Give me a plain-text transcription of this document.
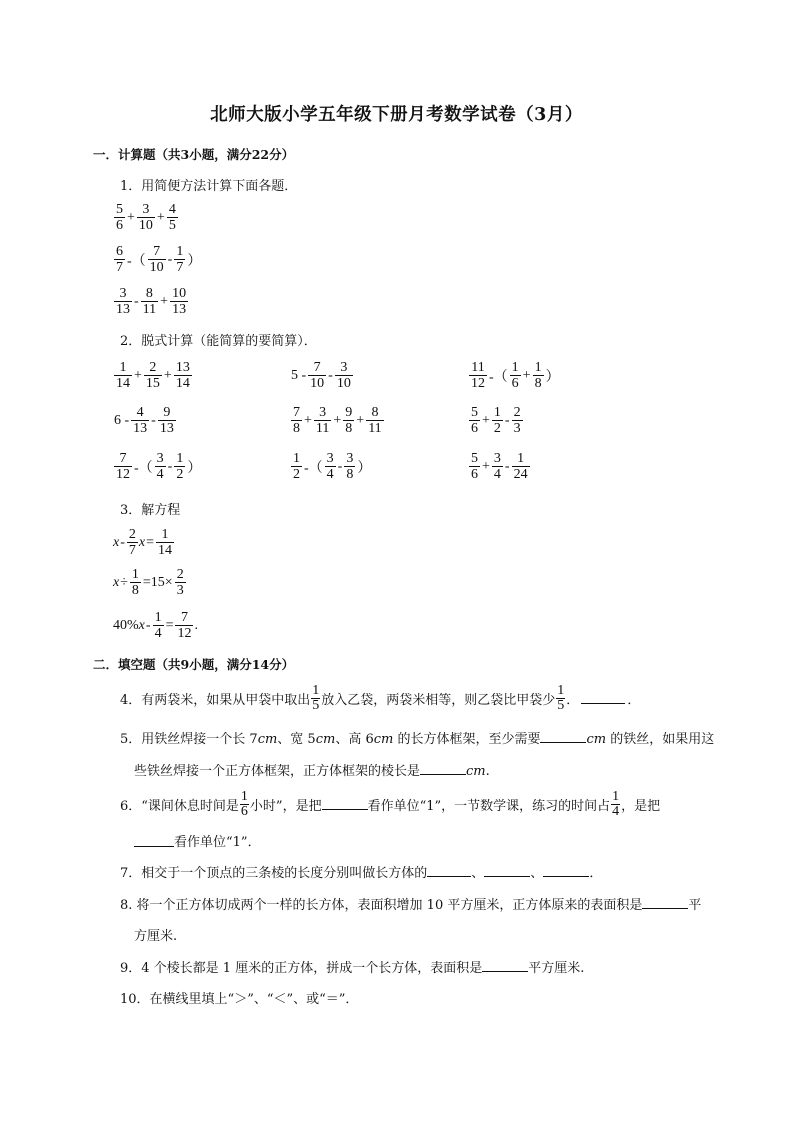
北师大版小学五年级下册月考数学试卷（3月）
一．计算题（共3小题，满分22分）
1．用简便方法计算下面各题．
$\frac{5}{6} + \frac{3}{10} + \frac{4}{5}$
$\frac{6}{7}$ -（ $\frac{7}{10} - \frac{1}{7}$ ）
$\frac{3}{13} - \frac{8}{11} + \frac{10}{13}$
2．脱式计算（能简算的要简算）．
$\frac{1}{14} + \frac{2}{15} + \frac{13}{14}$	$5 - \frac{7}{10} - \frac{3}{10}$	$\frac{11}{12}$ -（ $\frac{1}{6} + \frac{1}{8}$ ）
$6 - \frac{4}{13} - \frac{9}{13}$	$\frac{7}{8} + \frac{3}{11} + \frac{9}{8} + \frac{8}{11}$	$\frac{5}{6} + \frac{1}{2} - \frac{2}{3}$
$\frac{7}{12}$ -（ $\frac{3}{4} - \frac{1}{2}$ ）	$\frac{1}{2}$ -（ $\frac{3}{4} - \frac{3}{8}$ ）	$\frac{5}{6} + \frac{3}{4} - \frac{1}{24}$
3．解方程
x - $\frac{2}{7}$ $x = \frac{1}{14}$
$x \div \frac{1}{8} =15\times \frac{2}{3}$
40% $x - \frac{1}{4} = \frac{7}{12}$ .
二．填空题（共9小题，满分14分）
4．有两袋米，如果从甲袋中取出
1
5 放入乙袋，两袋米相等，则乙袋比甲袋少
1
5 ．	．
5．用铁丝焊接一个长 7cm、宽 5cm、高 6cm 的长方体框架，至少需要	cm 的铁丝，如果用这
些铁丝焊接一个正方体框架，正方体框架的棱长是	cm.
6．“课间休息时间是
1
6 小时”，是把	看作单位“1”，一节数学课，练习的时间占
1
4 ，是把
看作单位“1”．
7．相交于一个顶点的三条棱的长度分别叫做长方体的	、	、	．
8. 将一个正方体切成两个一样的长方体，表面积增加 10 平方厘米，正方体原来的表面积是	平
方厘米.
9．4 个棱长都是 1 厘米的正方体，拼成一个长方体，表面积是	平方厘米.
10．在横线里填上“＞”、“＜”、或“＝”．
